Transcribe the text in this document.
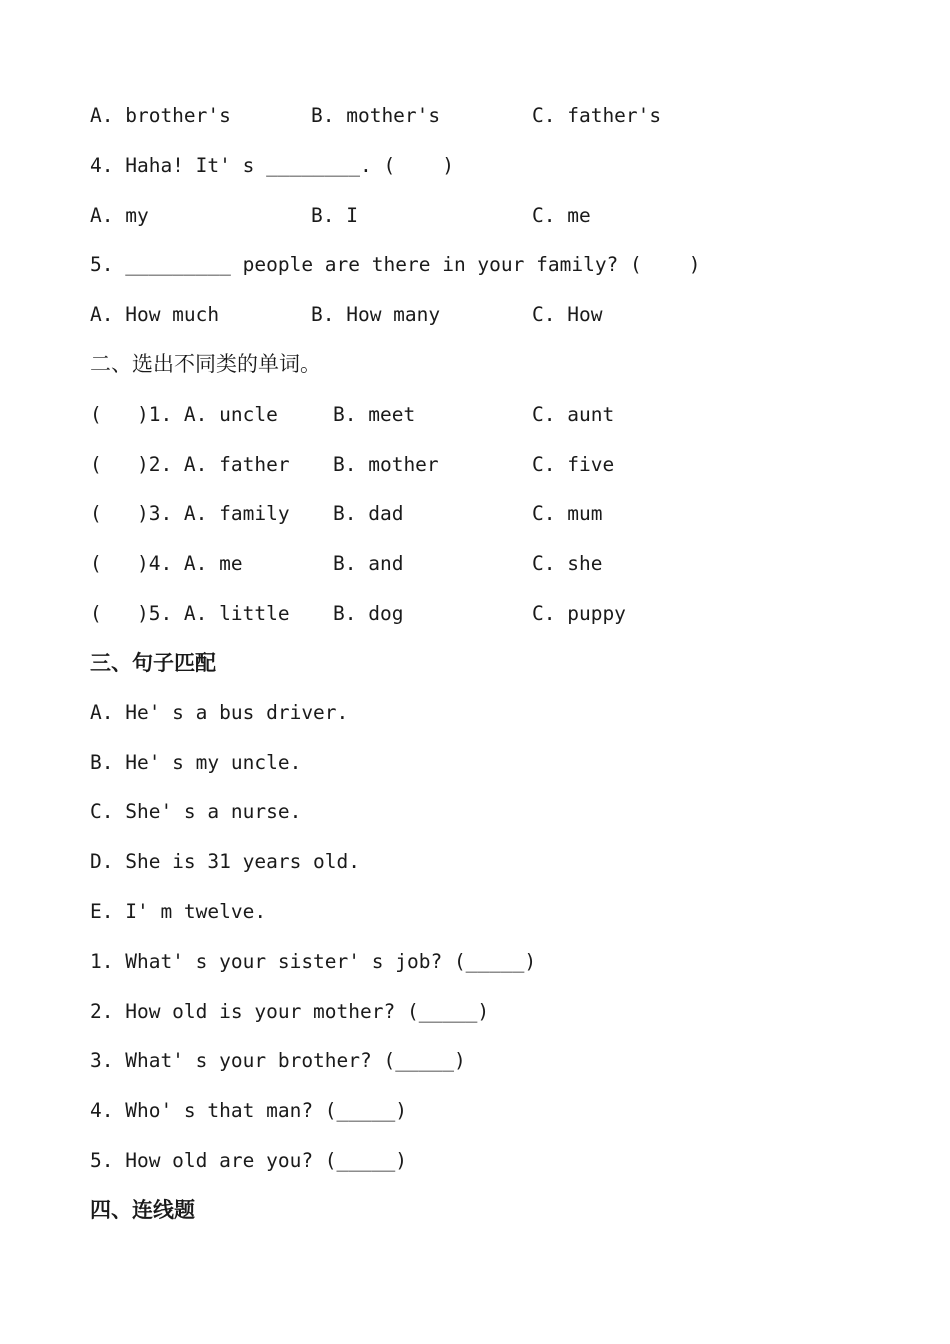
A. brother's

	B. mother's

	C. father's

4. Haha! It' s ________. (    )

A. my

	B. I

	C. me

5. _________ people are there in your family? (    )

A. How much

	B. How many

	C. How

二、选出不同类的单词。

(   )1. A. uncle

	B. meet

	C. aunt

(   )2. A. father

B. mother

	C. five

(   )3. A. family

B. dad

	C. mum

(   )4. A. me

	B. and

	C. she

(   )5. A. little

B. dog

	C. puppy

三、句子匹配
A. He' s a bus driver.
B. He' s my uncle.
C. She' s a nurse.
D. She is 31 years old.
E. I' m twelve.
1. What' s your sister' s job? (_____)
2. How old is your mother? (_____)
3. What' s your brother? (_____)
4. Who' s that man? (_____)
5. How old are you? (_____)
四、连线题
